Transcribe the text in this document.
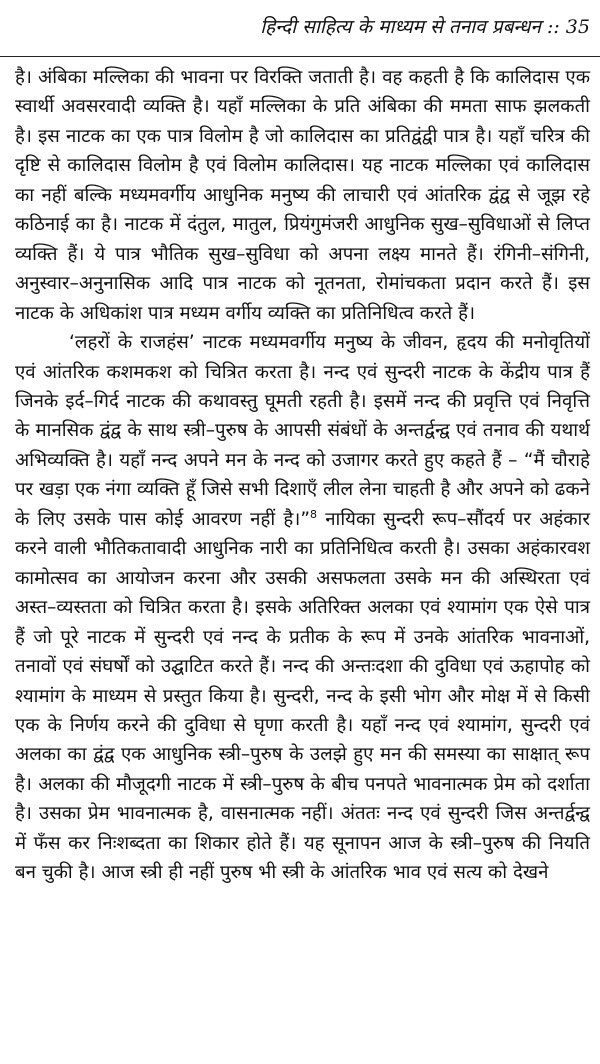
हिन्दी साहित्य के माध्यम से तनाव प्रबन्धन :: 35

है। अंबिका मल्लिका की भावना पर विरक्ति जताती है। वह कहती है कि कालिदास एक स्वार्थी अवसरवादी व्यक्ति है। यहाँ मल्लिका के प्रति अंबिका की ममता साफ झलकती है। इस नाटक का एक पात्र विलोम है जो कालिदास का प्रतिद्वंद्वी पात्र है। यहाँ चरित्र की दृष्टि से कालिदास विलोम है एवं विलोम कालिदास। यह नाटक मल्लिका एवं कालिदास का नहीं बल्कि मध्यमवर्गीय आधुनिक मनुष्य की लाचारी एवं आंतरिक द्वंद्व से जूझ रहे कठिनाई का है। नाटक में दंतुल, मातुल, प्रियंगुमंजरी आधुनिक सुख–सुविधाओं से लिप्त व्यक्ति हैं। ये पात्र भौतिक सुख–सुविधा को अपना लक्ष्य मानते हैं। रंगिनी–संगिनी, अनुस्वार–अनुनासिक आदि पात्र नाटक को नूतनता, रोमांचकता प्रदान करते हैं। इस नाटक के अधिकांश पात्र मध्यम वर्गीय व्यक्ति का प्रतिनिधित्व करते हैं।

‘लहरों के राजहंस’ नाटक मध्यमवर्गीय मनुष्य के जीवन, हृदय की मनोवृतियों एवं आंतरिक कशमकश को चित्रित करता है। नन्द एवं सुन्दरी नाटक के केंद्रीय पात्र हैं जिनके इर्द–गिर्द नाटक की कथावस्तु घूमती रहती है। इसमें नन्द की प्रवृत्ति एवं निवृत्ति के मानसिक द्वंद्व के साथ स्त्री–पुरुष के आपसी संबंधों के अन्तर्द्वन्द्व एवं तनाव की यथार्थ अभिव्यक्ति है। यहाँ नन्द अपने मन के नन्द को उजागर करते हुए कहते हैं – “मैं चौराहे पर खड़ा एक नंगा व्यक्ति हूँ जिसे सभी दिशाएँ लील लेना चाहती है और अपने को ढकने के लिए उसके पास कोई आवरण नहीं है।”$^8$ नायिका सुन्दरी रूप–सौंदर्य पर अहंकार करने वाली भौतिकतावादी आधुनिक नारी का प्रतिनिधित्व करती है। उसका अहंकारवश कामोत्सव का आयोजन करना और उसकी असफलता उसके मन की अस्थिरता एवं अस्त–व्यस्तता को चित्रित करता है। इसके अतिरिक्त अलका एवं श्यामांग एक ऐसे पात्र हैं जो पूरे नाटक में सुन्दरी एवं नन्द के प्रतीक के रूप में उनके आंतरिक भावनाओं, तनावों एवं संघर्षों को उद्घाटित करते हैं। नन्द की अन्तःदशा की दुविधा एवं ऊहापोह को श्यामांग के माध्यम से प्रस्तुत किया है। सुन्दरी, नन्द के इसी भोग और मोक्ष में से किसी एक के निर्णय करने की दुविधा से घृणा करती है। यहाँ नन्द एवं श्यामांग, सुन्दरी एवं अलका का द्वंद्व एक आधुनिक स्त्री–पुरुष के उलझे हुए मन की समस्या का साक्षात् रूप है। अलका की मौजूदगी नाटक में स्त्री–पुरुष के बीच पनपते भावनात्मक प्रेम को दर्शाता है। उसका प्रेम भावनात्मक है, वासनात्मक नहीं। अंततः नन्द एवं सुन्दरी जिस अन्तर्द्वन्द्व में फँस कर निःशब्दता का शिकार होते हैं। यह सूनापन आज के स्त्री–पुरुष की नियति बन चुकी है। आज स्त्री ही नहीं पुरुष भी स्त्री के आंतरिक भाव एवं सत्य को देखने
